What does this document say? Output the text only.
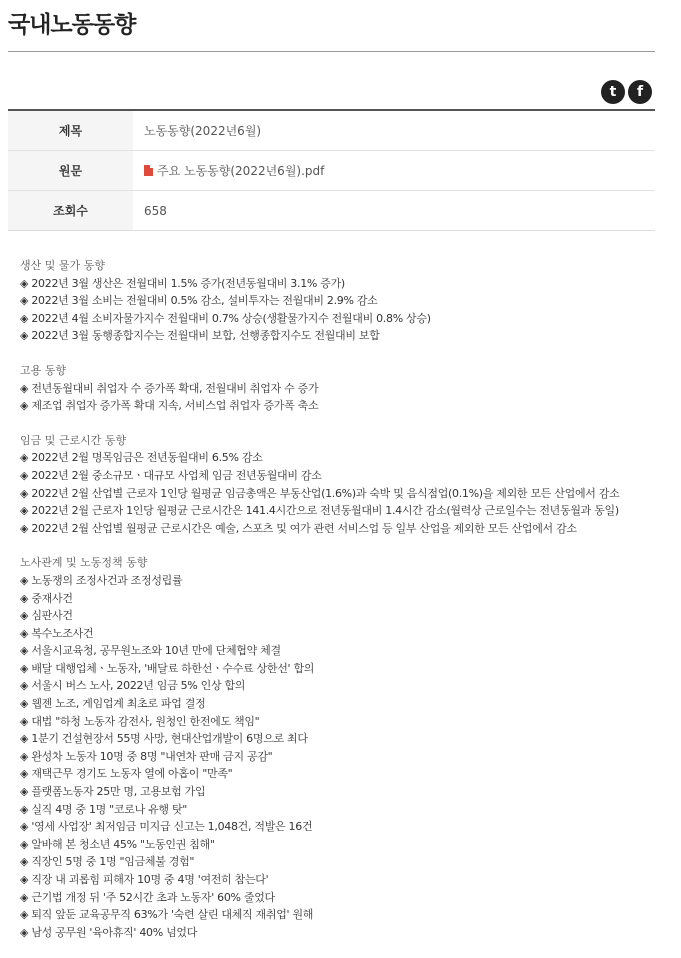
국내노동동향
t f
제목	노동동향(2022년6월)
원문	주요 노동동향(2022년6월).pdf
조회수	658
생산 및 물가 동향
◈ 2022년 3월 생산은 전월대비 1.5% 증가(전년동월대비 3.1% 증가)
◈ 2022년 3월 소비는 전월대비 0.5% 감소, 설비투자는 전월대비 2.9% 감소
◈ 2022년 4월 소비자물가지수 전월대비 0.7% 상승(생활물가지수 전월대비 0.8% 상승)
◈ 2022년 3월 동행종합지수는 전월대비 보합, 선행종합지수도 전월대비 보합
고용 동향
◈ 전년동월대비 취업자 수 증가폭 확대, 전월대비 취업자 수 증가
◈ 제조업 취업자 증가폭 확대 지속, 서비스업 취업자 증가폭 축소
임금 및 근로시간 동향
◈ 2022년 2월 명목임금은 전년동월대비 6.5% 감소
◈ 2022년 2월 중소규모ㆍ대규모 사업체 임금 전년동월대비 감소
◈ 2022년 2월 산업별 근로자 1인당 월평균 임금총액은 부동산업(1.6%)과 숙박 및 음식점업(0.1%)을 제외한 모든 산업에서 감소
◈ 2022년 2월 근로자 1인당 월평균 근로시간은 141.4시간으로 전년동월대비 1.4시간 감소(월력상 근로일수는 전년동월과 동일)
◈ 2022년 2월 산업별 월평균 근로시간은 예술, 스포츠 및 여가 관련 서비스업 등 일부 산업을 제외한 모든 산업에서 감소
노사관계 및 노동정책 동향
◈ 노동쟁의 조정사건과 조정성립률
◈ 중재사건
◈ 심판사건
◈ 복수노조사건
◈ 서울시교육청, 공무원노조와 10년 만에 단체협약 체결
◈ 배달 대행업체ㆍ노동자, '배달료 하한선ㆍ수수료 상한선' 합의
◈ 서울시 버스 노사, 2022년 임금 5% 인상 합의
◈ 웹젠 노조, 게임업계 최초로 파업 결정
◈ 대법 "하청 노동자 감전사, 원청인 한전에도 책임"
◈ 1분기 건설현장서 55명 사망, 현대산업개발이 6명으로 최다
◈ 완성차 노동자 10명 중 8명 "내연차 판매 금지 공감"
◈ 재택근무 경기도 노동자 열에 아홉이 "만족"
◈ 플랫폼노동자 25만 명, 고용보험 가입
◈ 실직 4명 중 1명 "코로나 유행 탓"
◈ '영세 사업장' 최저임금 미지급 신고는 1,048건, 적발은 16건
◈ 알바해 본 청소년 45% "노동인권 침해"
◈ 직장인 5명 중 1명 "임금체불 경험"
◈ 직장 내 괴롭힘 피해자 10명 중 4명 '여전히 참는다'
◈ 근기법 개정 뒤 '주 52시간 초과 노동자' 60% 줄었다
◈ 퇴직 앞둔 교육공무직 63%가 '숙련 살린 대체직 재취업' 원해
◈ 남성 공무원 '육아휴직' 40% 넘었다
